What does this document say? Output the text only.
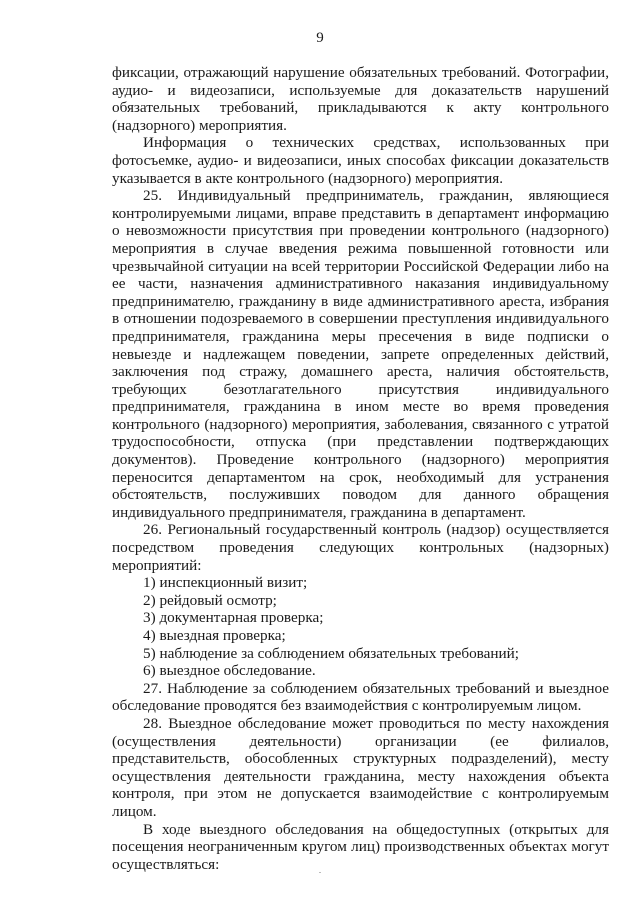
9

фиксации, отражающий нарушение обязательных требований. Фотографии, аудио- и видеозаписи, используемые для доказательств нарушений обязательных требований, прикладываются к акту контрольного (надзорного) мероприятия.

Информация о технических средствах, использованных при фотосъемке, аудио- и видеозаписи, иных способах фиксации доказательств указывается в акте контрольного (надзорного) мероприятия.

25. Индивидуальный предприниматель, гражданин, являющиеся контролируемыми лицами, вправе представить в департамент информацию о невозможности присутствия при проведении контрольного (надзорного) мероприятия в случае введения режима повышенной готовности или чрезвычайной ситуации на всей территории Российской Федерации либо на ее части, назначения административного наказания индивидуальному предпринимателю, гражданину в виде административного ареста, избрания в отношении подозреваемого в совершении преступления индивидуального предпринимателя, гражданина меры пресечения в виде подписки о невыезде и надлежащем поведении, запрете определенных действий, заключения под стражу, домашнего ареста, наличия обстоятельств, требующих безотлагательного присутствия индивидуального предпринимателя, гражданина в ином месте во время проведения контрольного (надзорного) мероприятия, заболевания, связанного с утратой трудоспособности, отпуска (при представлении подтверждающих документов). Проведение контрольного (надзорного) мероприятия переносится департаментом на срок, необходимый для устранения обстоятельств, послуживших поводом для данного обращения индивидуального предпринимателя, гражданина в департамент.

26. Региональный государственный контроль (надзор) осуществляется посредством проведения следующих контрольных (надзорных) мероприятий:

1) инспекционный визит;

2) рейдовый осмотр;

3) документарная проверка;

4) выездная проверка;

5) наблюдение за соблюдением обязательных требований;

6) выездное обследование.

27. Наблюдение за соблюдением обязательных требований и выездное обследование проводятся без взаимодействия с контролируемым лицом.

28. Выездное обследование может проводиться по месту нахождения (осуществления деятельности) организации (ее филиалов, представительств, обособленных структурных подразделений), месту осуществления деятельности гражданина, месту нахождения объекта контроля, при этом не допускается взаимодействие с контролируемым лицом.

В ходе выездного обследования на общедоступных (открытых для посещения неограниченным кругом лиц) производственных объектах могут осуществляться:
